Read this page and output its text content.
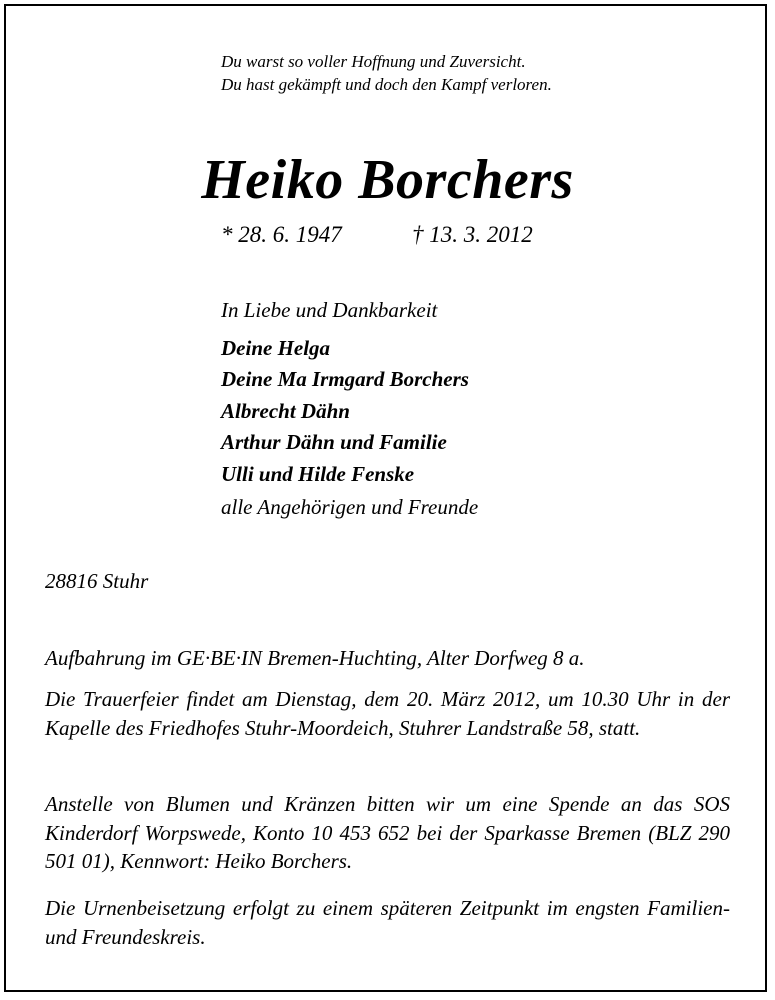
Du warst so voller Hoffnung und Zuversicht.
Du hast gekämpft und doch den Kampf verloren.
Heiko Borchers
* 28. 6. 1947	† 13. 3. 2012
In Liebe und Dankbarkeit
Deine Helga
Deine Ma Irmgard Borchers
Albrecht Dähn
Arthur Dähn und Familie
Ulli und Hilde Fenske
alle Angehörigen und Freunde
28816 Stuhr

Aufbahrung im GE·BE·IN Bremen-Huchting, Alter Dorfweg 8 a.

Die Trauerfeier findet am Dienstag, dem 20. März 2012, um 10.30 Uhr in der Kapelle des Friedhofes Stuhr-Moordeich, Stuhrer Landstraße 58, statt.

Anstelle von Blumen und Kränzen bitten wir um eine Spende an das SOS Kinderdorf Worpswede, Konto 10 453 652 bei der Sparkasse Bremen (BLZ 290 501 01), Kennwort: Heiko Borchers.

Die Urnenbeisetzung erfolgt zu einem späteren Zeitpunkt im engsten Familien- und Freundeskreis.
